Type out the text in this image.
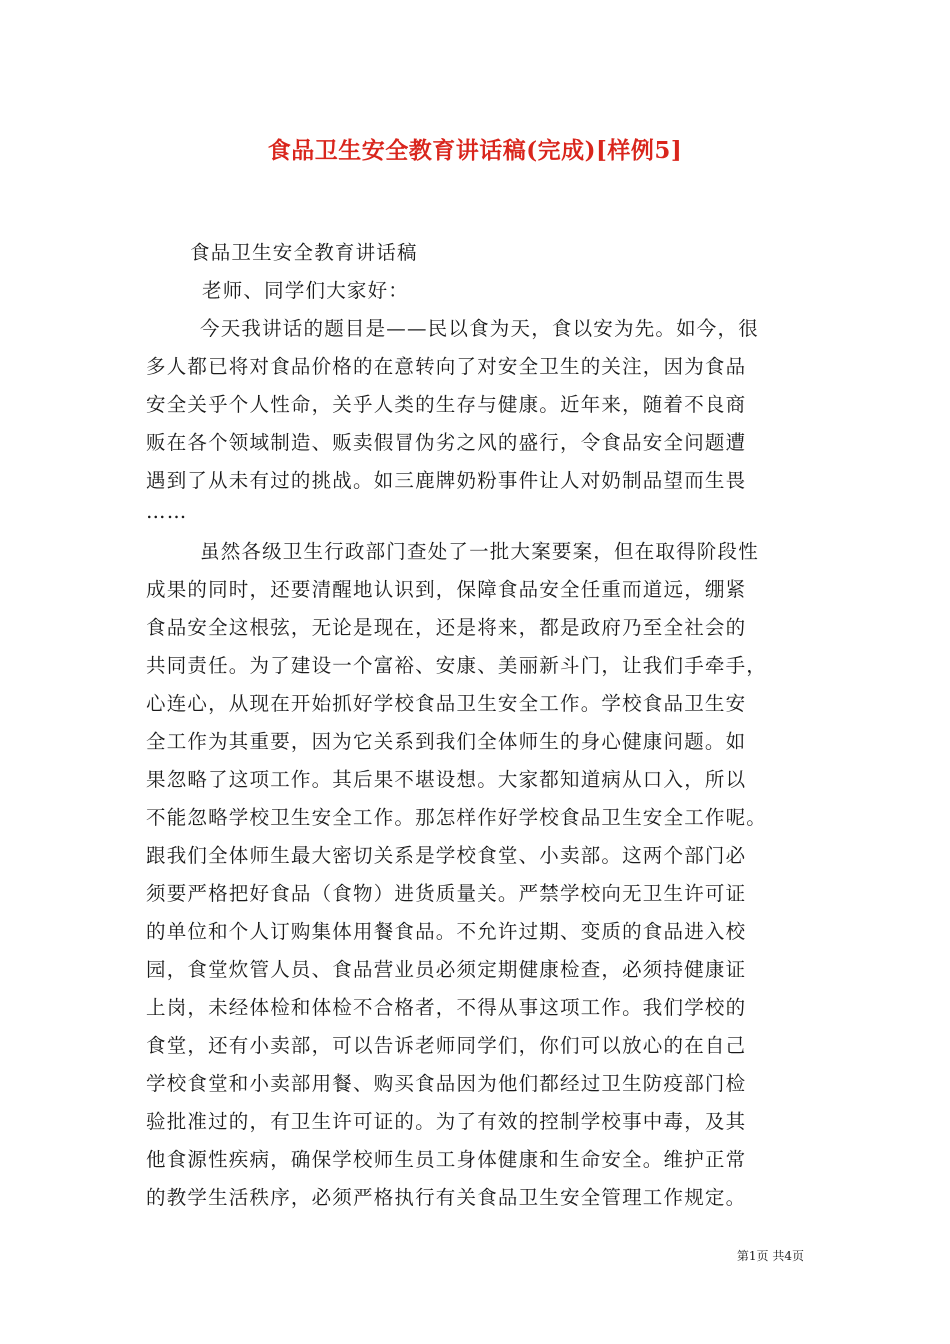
食品卫生安全教育讲话稿(完成)[样例5]
食品卫生安全教育讲话稿
老师、同学们大家好：
今天我讲话的题目是——民以食为天，食以安为先。如今，很
多人都已将对食品价格的在意转向了对安全卫生的关注，因为食品
安全关乎个人性命，关乎人类的生存与健康。近年来，随着不良商
贩在各个领域制造、贩卖假冒伪劣之风的盛行，令食品安全问题遭
遇到了从未有过的挑战。如三鹿牌奶粉事件让人对奶制品望而生畏
……
虽然各级卫生行政部门查处了一批大案要案，但在取得阶段性
成果的同时，还要清醒地认识到，保障食品安全任重而道远，绷紧
食品安全这根弦，无论是现在，还是将来，都是政府乃至全社会的
共同责任。为了建设一个富裕、安康、美丽新斗门，让我们手牵手，
心连心，从现在开始抓好学校食品卫生安全工作。学校食品卫生安
全工作为其重要，因为它关系到我们全体师生的身心健康问题。如
果忽略了这项工作。其后果不堪设想。大家都知道病从口入，所以
不能忽略学校卫生安全工作。那怎样作好学校食品卫生安全工作呢。
跟我们全体师生最大密切关系是学校食堂、小卖部。这两个部门必
须要严格把好食品（食物）进货质量关。严禁学校向无卫生许可证
的单位和个人订购集体用餐食品。不允许过期、变质的食品进入校
园，食堂炊管人员、食品营业员必须定期健康检查，必须持健康证
上岗，未经体检和体检不合格者，不得从事这项工作。我们学校的
食堂，还有小卖部，可以告诉老师同学们，你们可以放心的在自己
学校食堂和小卖部用餐、购买食品因为他们都经过卫生防疫部门检
验批准过的，有卫生许可证的。为了有效的控制学校事中毒，及其
他食源性疾病，确保学校师生员工身体健康和生命安全。维护正常
的教学生活秩序，必须严格执行有关食品卫生安全管理工作规定。
第1页 共4页
